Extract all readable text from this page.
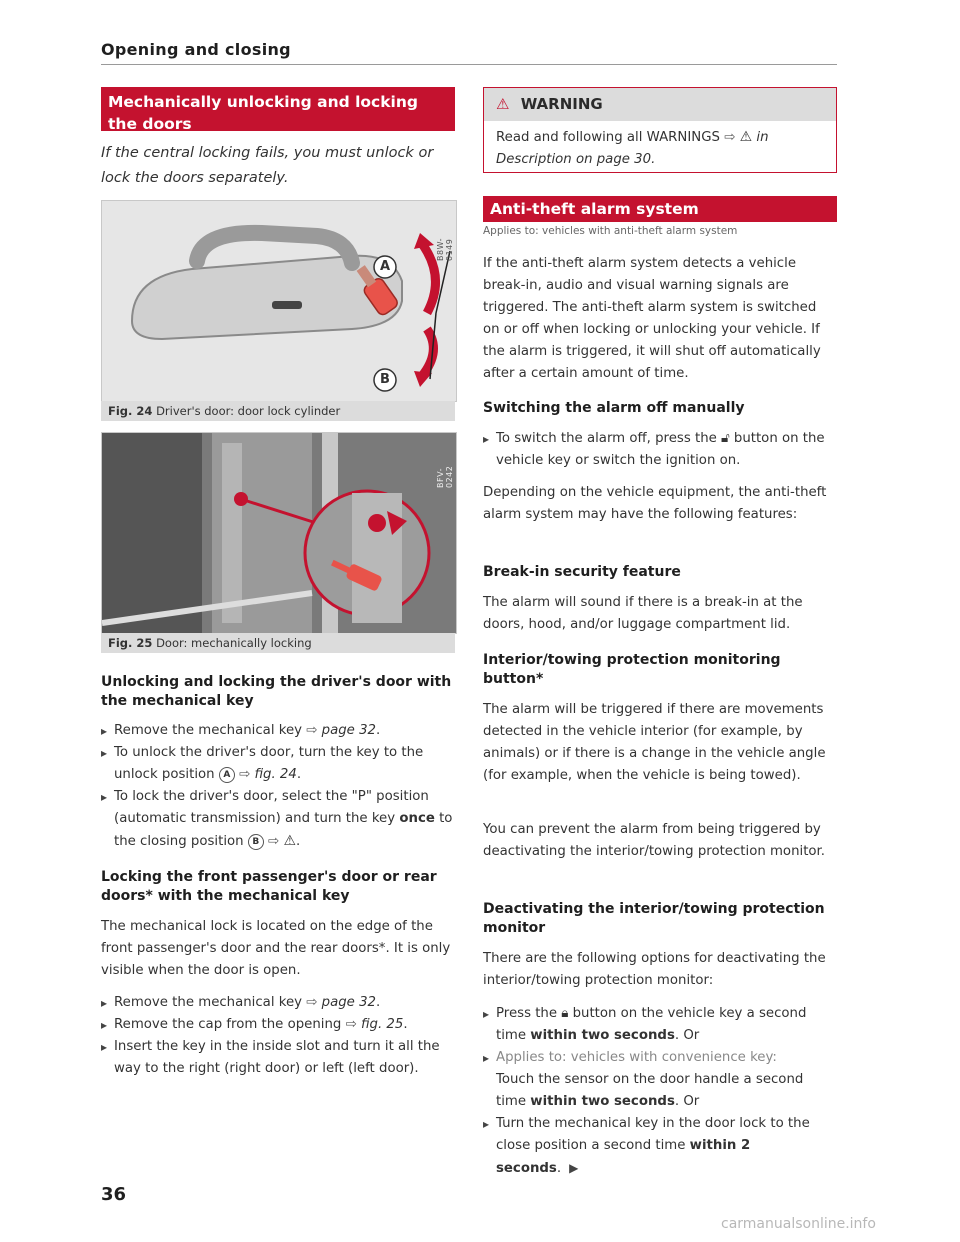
Opening and closing
Mechanically unlocking and locking the doors

If the central locking fails, you must unlock or lock the doors separately.

A
B
B8W-0149
Fig. 24 Driver's door: door lock cylinder
BFV-0242
Fig. 25 Door: mechanically locking
Unlocking and locking the driver's door with the mechanical key
▸ Remove the mechanical key ⇨ page 32.
▸ To unlock the driver's door, turn the key to the unlock position A ⇨ fig. 24.
▸ To lock the driver's door, select the "P" position (automatic transmission) and turn the key once to the closing position B ⇨ ⚠.
Locking the front passenger's door or rear doors* with the mechanical key

The mechanical lock is located on the edge of the front passenger's door and the rear doors*. It is only visible when the door is open.

▸ Remove the mechanical key ⇨ page 32.
▸ Remove the cap from the opening ⇨ fig. 25.
▸ Insert the key in the inside slot and turn it all the way to the right (right door) or left (left door).
⚠ WARNING
Read and following all WARNINGS ⇨ ⚠ in Description on page 30.
Anti-theft alarm system
Applies to: vehicles with anti-theft alarm system

If the anti-theft alarm system detects a vehicle break-in, audio and visual warning signals are triggered. The anti-theft alarm system is switched on or off when locking or unlocking your vehicle. If the alarm is triggered, it will shut off automatically after a certain amount of time.

Switching the alarm off manually
▸ To switch the alarm off, press the 🔓︎ button on the vehicle key or switch the ignition on.

Depending on the vehicle equipment, the anti-theft alarm system may have the following features:

Break-in security feature

The alarm will sound if there is a break-in at the doors, hood, and/or luggage compartment lid.

Interior/towing protection monitoring button*

The alarm will be triggered if there are movements detected in the vehicle interior (for example, by animals) or if there is a change in the vehicle angle (for example, when the vehicle is being towed).

You can prevent the alarm from being triggered by deactivating the interior/towing protection monitor.

Deactivating the interior/towing protection monitor

There are the following options for deactivating the interior/towing protection monitor:

▸ Press the 🔒︎ button on the vehicle key a second time within two seconds. Or
▸ Applies to: vehicles with convenience key:
Touch the sensor on the door handle a second time within two seconds. Or
▸ Turn the mechanical key in the door lock to the close position a second time within 2 seconds. ▶
36
carmanualsonline.info
